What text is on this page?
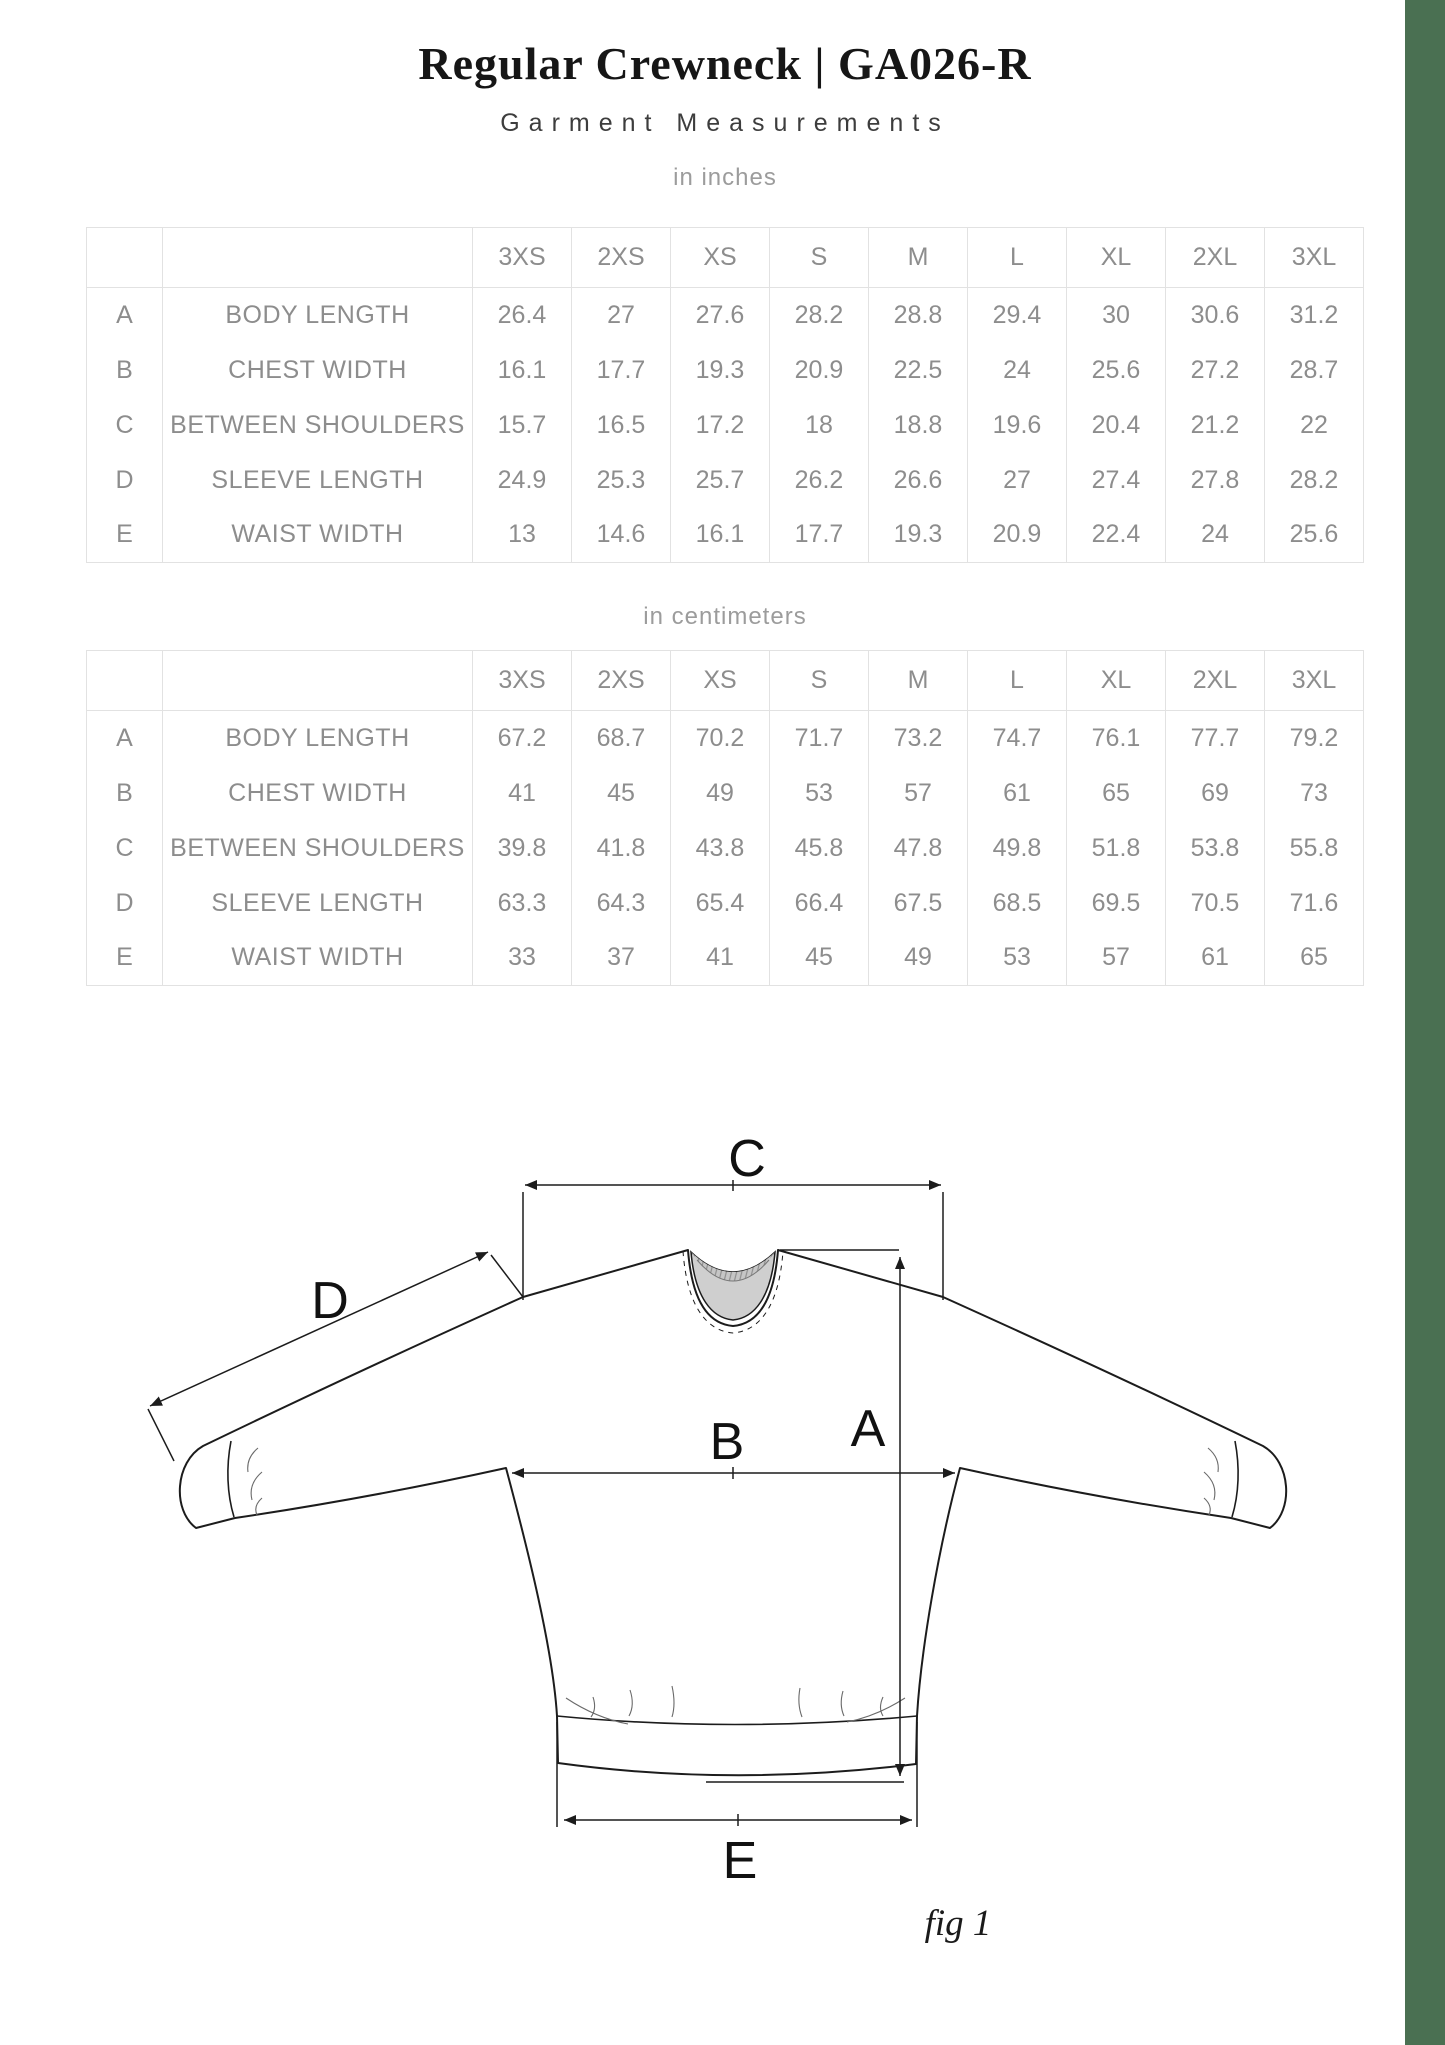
Regular Crewneck | GA026-R
Garment Measurements
in inches
		3XS	2XS	XS	S	M	L	XL	2XL	3XL
A	BODY LENGTH	26.4	27	27.6	28.2	28.8	29.4	30	30.6	31.2
B	CHEST WIDTH	16.1	17.7	19.3	20.9	22.5	24	25.6	27.2	28.7
C	BETWEEN SHOULDERS	15.7	16.5	17.2	18	18.8	19.6	20.4	21.2	22
D	SLEEVE LENGTH	24.9	25.3	25.7	26.2	26.6	27	27.4	27.8	28.2
E	WAIST WIDTH	13	14.6	16.1	17.7	19.3	20.9	22.4	24	25.6
in centimeters
		3XS	2XS	XS	S	M	L	XL	2XL	3XL
A	BODY LENGTH	67.2	68.7	70.2	71.7	73.2	74.7	76.1	77.7	79.2
B	CHEST WIDTH	41	45	49	53	57	61	65	69	73
C	BETWEEN SHOULDERS	39.8	41.8	43.8	45.8	47.8	49.8	51.8	53.8	55.8
D	SLEEVE LENGTH	63.3	64.3	65.4	66.4	67.5	68.5	69.5	70.5	71.6
E	WAIST WIDTH	33	37	41	45	49	53	57	61	65
C
D
B A
E
fig 1
